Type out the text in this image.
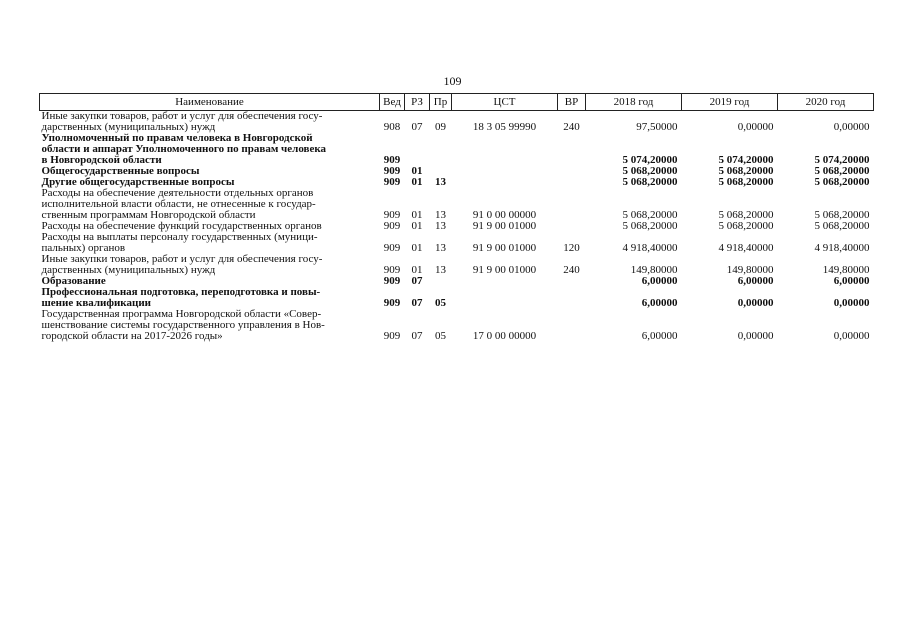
109
Наименование	Вед	РЗ	Пр	ЦСТ	ВР	2018 год	2019 год	2020 год
Иные закупки товаров, работ и услуг для обеспечения госу-
дарственных (муниципальных) нужд	908	07	09	18 3 05 99990	240	97,50000	0,00000	0,00000
Уполномоченный по правам человека в Новгородской
области и аппарат Уполномоченного по правам человека
в Новгородской области	909					5 074,20000	5 074,20000	5 074,20000
Общегосударственные вопросы	909	01				5 068,20000	5 068,20000	5 068,20000
Другие общегосударственные вопросы	909	01	13			5 068,20000	5 068,20000	5 068,20000
Расходы на обеспечение деятельности отдельных органов
исполнительной власти области, не отнесенные к государ-
ственным программам Новгородской области	909	01	13	91 0 00 00000		5 068,20000	5 068,20000	5 068,20000
Расходы на обеспечение функций государственных органов	909	01	13	91 9 00 01000		5 068,20000	5 068,20000	5 068,20000
Расходы на выплаты персоналу государственных (муници-
пальных) органов	909	01	13	91 9 00 01000	120	4 918,40000	4 918,40000	4 918,40000
Иные закупки товаров, работ и услуг для обеспечения госу-
дарственных (муниципальных) нужд	909	01	13	91 9 00 01000	240	149,80000	149,80000	149,80000
Образование	909	07				6,00000	6,00000	6,00000
Профессиональная подготовка, переподготовка и повы-
шение квалификации	909	07	05			6,00000	0,00000	0,00000
Государственная программа Новгородской области «Совер-
шенствование системы государственного управления в Нов-
городской области на 2017-2026 годы»	909	07	05	17 0 00 00000		6,00000	0,00000	0,00000
